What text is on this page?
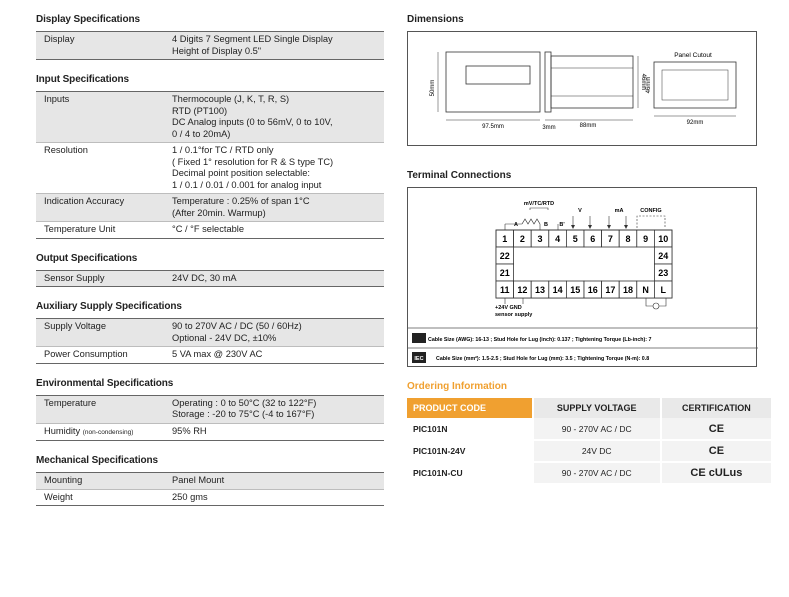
Display Specifications
Display	4 Digits 7 Segment LED Single Display
Height of Display 0.5"
Input Specifications
Inputs	Thermocouple (J, K, T, R, S)
RTD (PT100)
DC Analog inputs (0 to 56mV, 0 to 10V,
0 / 4 to 20mA)
Resolution	1 / 0.1°for TC / RTD only
( Fixed 1° resolution for R & S type TC)
Decimal point position selectable:
1 / 0.1 / 0.01 / 0.001 for analog input
Indication Accuracy	Temperature : 0.25% of span 1°C
(After 20min. Warmup)
Temperature Unit	°C / °F selectable
Output Specifications
Sensor Supply	24V DC, 30 mA
Auxiliary Supply Specifications
Supply Voltage	90 to 270V AC / DC (50 / 60Hz)
Optional - 24V DC, ±10%
Power Consumption	5 VA max @ 230V AC
Environmental Specifications
Temperature	Operating : 0 to 50°C (32 to 122°F)
Storage : -20 to 75°C (-4 to 167°F)
Humidity (non-condensing)	95% RH
Mechanical Specifications
Mounting	Panel Mount
Weight	250 gms
Dimensions
50mm
97.5mm	3mm	88mm
46mm
Panel Cutout
46mm
92mm
Terminal Connections
1 2 3 4 5 6 7 8 9 10
22
21
24
23
11 12 13 14 15 16 17 18 N L
mV/TC/RTD
V	mA	CONFIG
A	B B'
+24V GND
sensor supply
Cable Size (AWG): 16-13 ; Stud Hole for Lug (inch): 0.137 ; Tightening Torque (Lb-inch): 7
IEC Cable Size (mm²): 1.5-2.5 ; Stud Hole for Lug (mm): 3.5 ; Tightening Torque (N-m): 0.8
Ordering Information
PRODUCT CODE	SUPPLY VOLTAGE	CERTIFICATION
PIC101N	90 - 270V AC / DC	CE
PIC101N-24V	24V DC	CE
PIC101N-CU	90 - 270V AC / DC	CE cULus
